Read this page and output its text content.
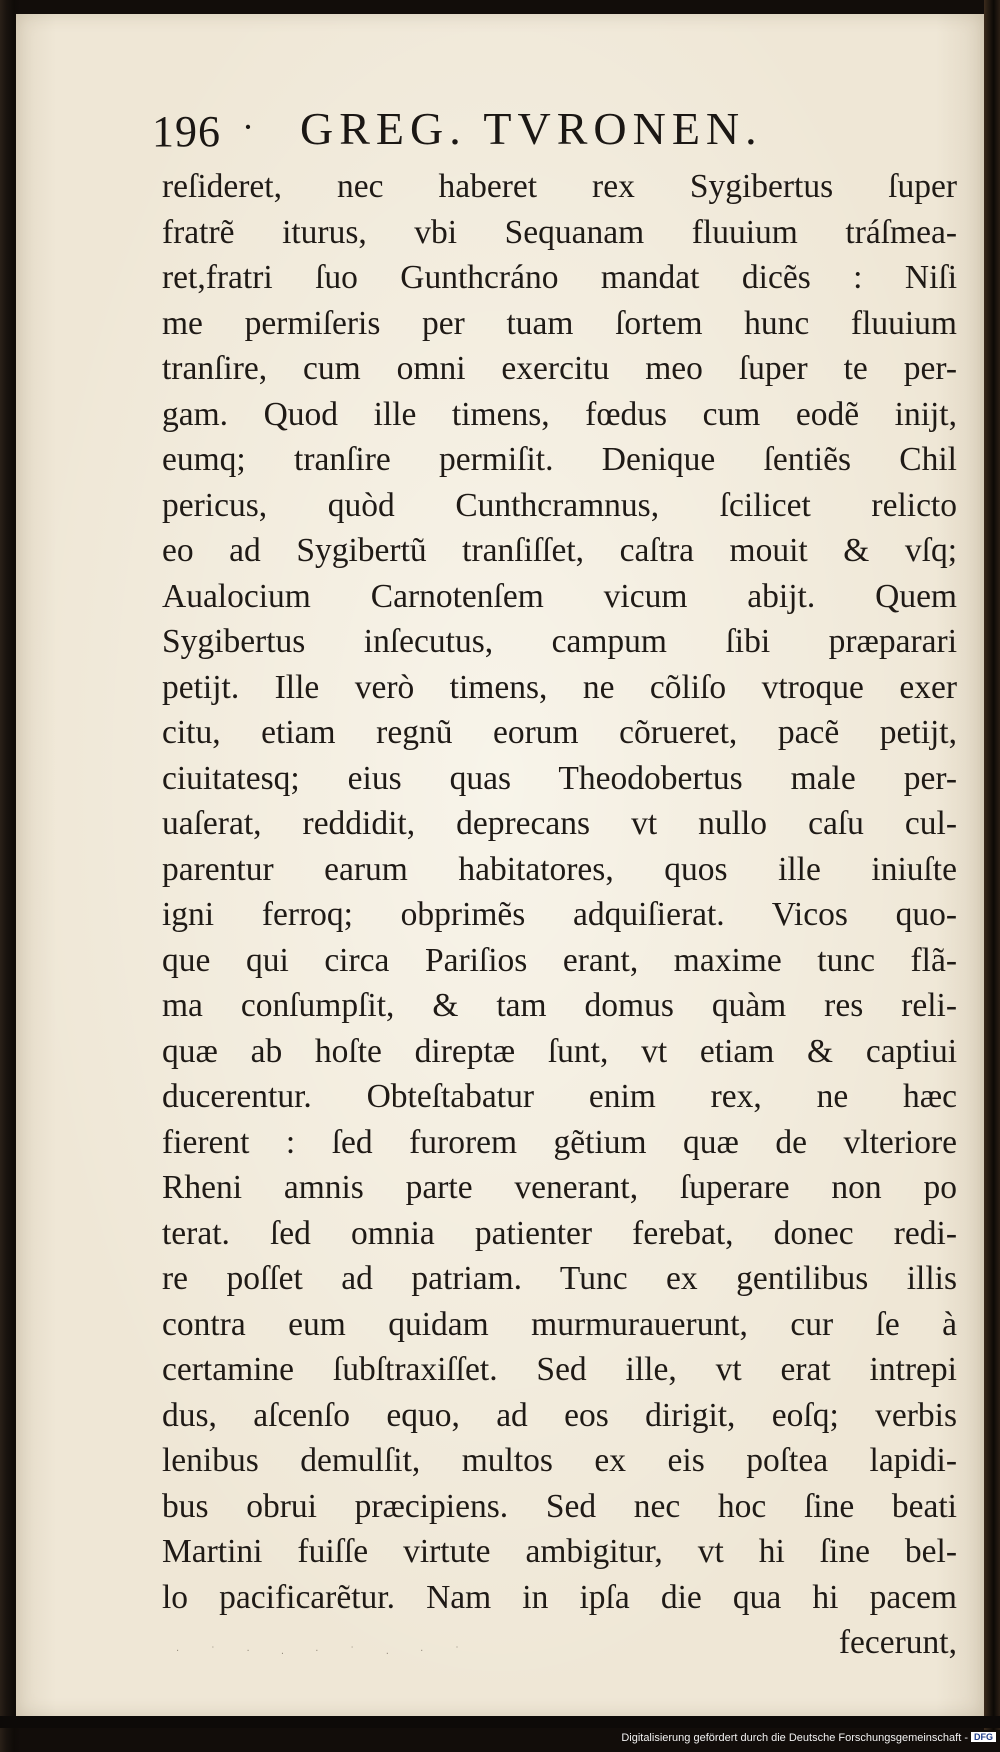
196 · GREG. TVRONEN.
reſideret, nec haberet rex Sygibertus ſuper
fratrẽ iturus, vbi Sequanam fluuium tráſmea-
ret,fratri ſuo Gunthcráno mandat dicẽs : Niſi
me permiſeris per tuam ſortem hunc fluuium
tranſire, cum omni exercitu meo ſuper te per-
gam. Quod ille timens, fœdus cum eodẽ inijt,
eumq; tranſire permiſit. Denique ſentiẽs Chil
pericus, quòd Cunthcramnus, ſcilicet relicto
eo ad Sygibertũ tranſiſſet, caſtra mouit & vſq;
Aualocium Carnotenſem vicum abijt. Quem
Sygibertus inſecutus, campum ſibi præparari
petijt. Ille verò timens, ne cõliſo vtroque exer
citu, etiam regnũ eorum cõrueret, pacẽ petijt,
ciuitatesq; eius quas Theodobertus male per-
uaſerat, reddidit, deprecans vt nullo caſu cul-
parentur earum habitatores, quos ille iniuſte
igni ferroq; obprimẽs adquiſierat. Vicos quo-
que qui circa Pariſios erant, maxime tunc flã-
ma conſumpſit, & tam domus quàm res reli-
quæ ab hoſte direptæ ſunt, vt etiam & captiui
ducerentur. Obteſtabatur enim rex, ne hæc
fierent : ſed furorem gẽtium quæ de vlteriore
Rheni amnis parte venerant, ſuperare non po
terat. ſed omnia patienter ferebat, donec redi-
re poſſet ad patriam. Tunc ex gentilibus illis
contra eum quidam murmurauerunt, cur ſe à
certamine ſubſtraxiſſet. Sed ille, vt erat intrepi
dus, aſcenſo equo, ad eos dirigit, eoſq; verbis
lenibus demulſit, multos ex eis poſtea lapidi-
bus obrui præcipiens. Sed nec hoc ſine beati
Martini fuiſſe virtute ambigitur, vt hi ſine bel-
lo pacificarẽtur. Nam in ipſa die qua hi pacem
fecerunt,
· ˙ · . · ˙ . · ˙
Digitalisierung gefördert durch die Deutsche Forschungsgemeinschaft - DFG
